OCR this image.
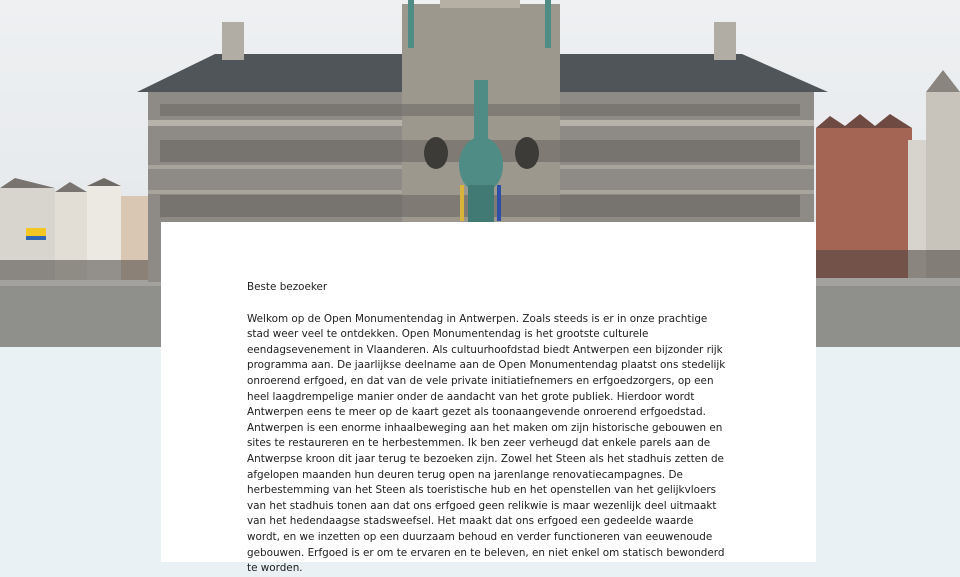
Beste bezoeker

Welkom op de Open Monumentendag in Antwerpen. Zoals steeds is er in onze prachtige stad weer veel te ontdekken. Open Monumentendag is het grootste culturele eendagsevenement in Vlaanderen. Als cultuurhoofdstad biedt Antwerpen een bijzonder rijk programma aan. De jaarlijkse deelname aan de Open Monumentendag plaatst ons stedelijk onroerend erfgoed, en dat van de vele private initiatiefnemers en erfgoedzorgers, op een heel laagdrempelige manier onder de aandacht van het grote publiek. Hierdoor wordt Antwerpen eens te meer op de kaart gezet als toonaangevende onroerend erfgoedstad. Antwerpen is een enorme inhaalbeweging aan het maken om zijn historische gebouwen en sites te restaureren en te herbestemmen. Ik ben zeer verheugd dat enkele parels aan de Antwerpse kroon dit jaar terug te bezoeken zijn. Zowel het Steen als het stadhuis zetten de afgelopen maanden hun deuren terug open na jarenlange renovatiecampagnes. De herbestemming van het Steen als toeristische hub en het openstellen van het gelijkvloers van het stadhuis tonen aan dat ons erfgoed geen relikwie is maar wezenlijk deel uitmaakt van het hedendaagse stadsweefsel. Het maakt dat ons erfgoed een gedeelde waarde wordt, en we inzetten op een duurzaam behoud en verder functioneren van eeuwenoude gebouwen. Erfgoed is er om te ervaren en te beleven, en niet enkel om statisch bewonderd te worden.
